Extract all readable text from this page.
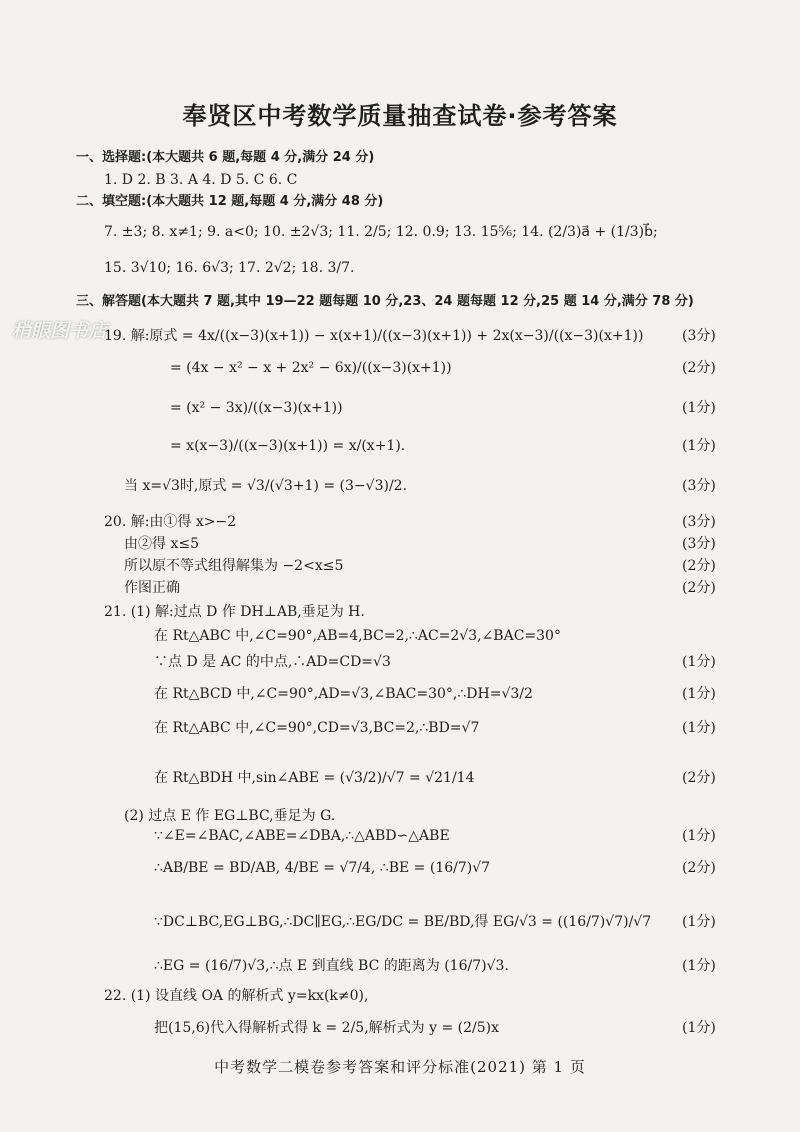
奉贤区中考数学质量抽查试卷·参考答案
稍眼图书店
一、选择题:(本大题共 6 题,每题 4 分,满分 24 分)
1. D 2. B 3. A 4. D 5. C 6. C
二、填空题:(本大题共 12 题,每题 4 分,满分 48 分)
7. ±3; 8. x≠1; 9. a<0; 10. ±2√3; 11. 2/5; 12. 0.9; 13. 15⅚; 14. (2/3)a⃗ + (1/3)b⃗;
15. 3√10; 16. 6√3; 17. 2√2; 18. 3/7.
三、解答题(本大题共 7 题,其中 19—22 题每题 10 分,23、24 题每题 12 分,25 题 14 分,满分 78 分)
19. 解:原式 = 4x/((x−3)(x+1)) − x(x+1)/((x−3)(x+1)) + 2x(x−3)/((x−3)(x+1))
= (4x − x² − x + 2x² − 6x)/((x−3)(x+1))
= (x² − 3x)/((x−3)(x+1))
= x(x−3)/((x−3)(x+1)) = x/(x+1).
当 x=√3时,原式 = √3/(√3+1) = (3−√3)/2.
20. 解:由①得 x>−2
由②得 x≤5
所以原不等式组得解集为 −2<x≤5
作图正确
21. (1) 解:过点 D 作 DH⊥AB,垂足为 H.
在 Rt△ABC 中,∠C=90°,AB=4,BC=2,∴AC=2√3,∠BAC=30°
∵点 D 是 AC 的中点,∴AD=CD=√3
在 Rt△BCD 中,∠C=90°,AD=√3,∠BAC=30°,∴DH=√3/2
在 Rt△ABC 中,∠C=90°,CD=√3,BC=2,∴BD=√7
在 Rt△BDH 中,sin∠ABE = (√3/2)/√7 = √21/14
(2) 过点 E 作 EG⊥BC,垂足为 G.
∵∠E=∠BAC,∠ABE=∠DBA,∴△ABD∽△ABE
∴AB/BE = BD/AB, 4/BE = √7/4, ∴BE = (16/7)√7
∵DC⊥BC,EG⊥BG,∴DC∥EG,∴EG/DC = BE/BD,得 EG/√3 = ((16/7)√7)/√7
∴EG = (16/7)√3,∴点 E 到直线 BC 的距离为 (16/7)√3.
22. (1) 设直线 OA 的解析式 y=kx(k≠0),
把(15,6)代入得解析式得 k = 2/5,解析式为 y = (2/5)x
(3分)
(2分)
(1分)
(1分)
(3分)
(3分)
(3分)
(2分)
(2分)
(1分)
(1分)
(1分)
(2分)
(1分)
(2分)
(1分)
(1分)
(1分)
中考数学二模卷参考答案和评分标准(2021) 第 1 页
